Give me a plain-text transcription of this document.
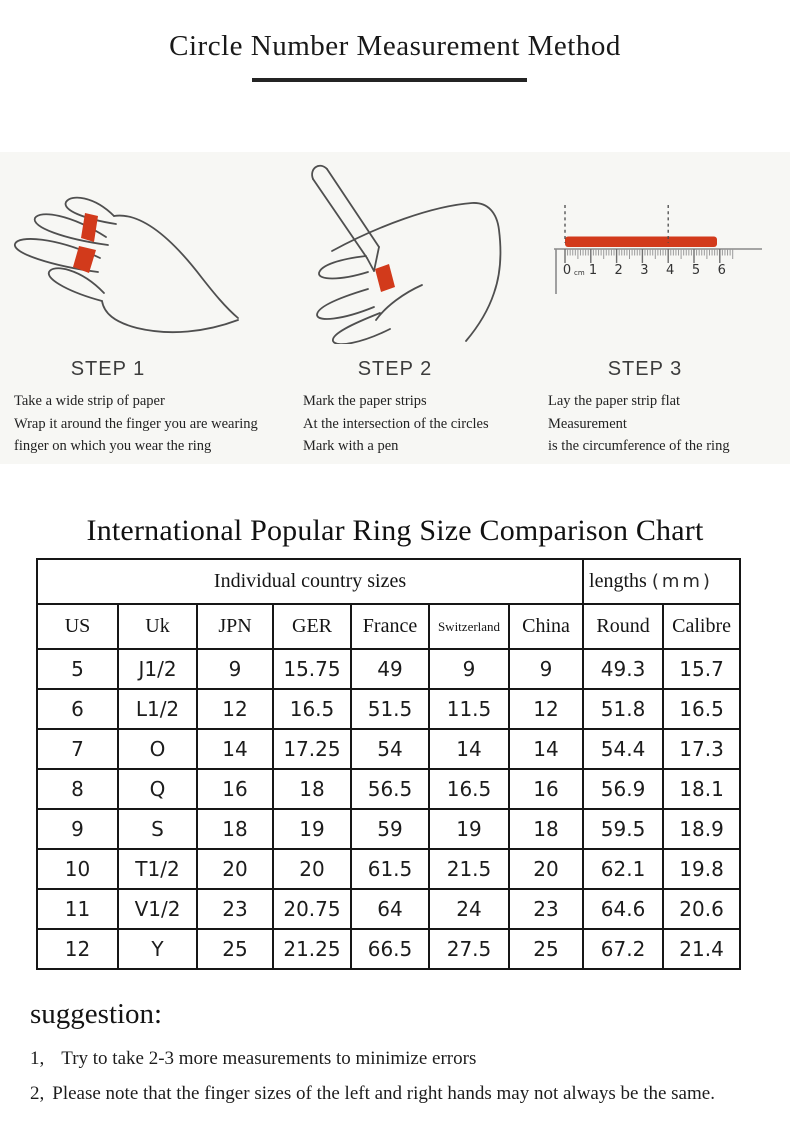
Circle Number Measurement Method
STEP 1
Take a wide strip of paper
Wrap it around the finger you are wearing
finger on which you wear the ring
STEP 2
Mark the paper strips
At the intersection of the circles
Mark with a pen
0 cm 1 2 3 4 5 6
STEP 3
Lay the paper strip flat
Measurement
is the circumference of the ring
International Popular Ring Size Comparison Chart
Individual country sizes							lengths (mm)	
US	Uk	JPN	GER	France	Switzerland	China	Round	Calibre
5	J1/2	9	15.75	49	9	9	49.3	15.7
6	L1/2	12	16.5	51.5	11.5	12	51.8	16.5
7	O	14	17.25	54	14	14	54.4	17.3
8	Q	16	18	56.5	16.5	16	56.9	18.1
9	S	18	19	59	19	18	59.5	18.9
10	T1/2	20	20	61.5	21.5	20	62.1	19.8
11	V1/2	23	20.75	64	24	23	64.6	20.6
12	Y	25	21.25	66.5	27.5	25	67.2	21.4
suggestion:
1, Try to take 2-3 more measurements to minimize errors
2, Please note that the finger sizes of the left and right hands may not always be the same.
